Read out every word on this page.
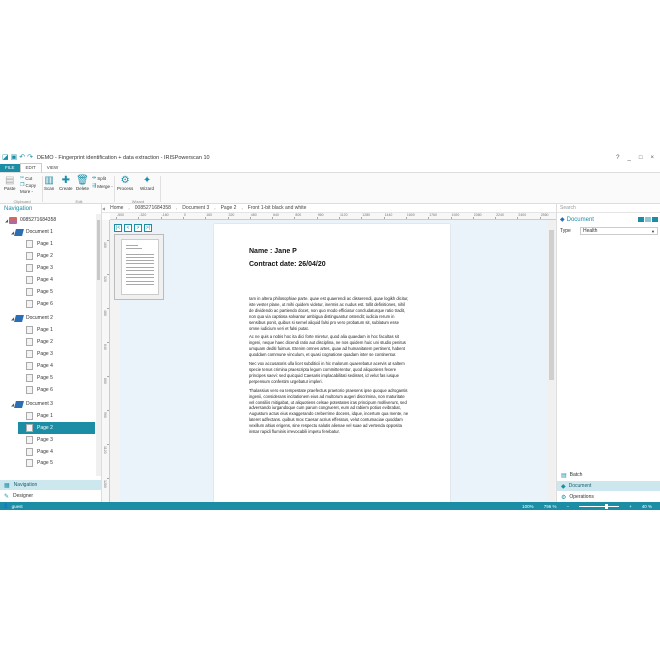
◪ ▣ ↶ ↷ DEMO - Fingerprint identification + data extraction - IRISPowerscan 10	? _ □ ×
FILE	EDIT	VIEW
▤
Paste
✂ Cut
❐ Copy
More -
Clipboard
▥
Scan
✚
Create
🗑
Delete
⇹ Split
⇶ Merge -
Edit
⚙
Process
✦
Wizard
Wizard
Navigation
◢ 0085271684358
◢ Document 1
Page 1
Page 2
Page 3
Page 4
Page 5
Page 6
◢ Document 2
Page 1
Page 2
Page 3
Page 4
Page 5
Page 6
◢ Document 3
Page 1
Page 2
Page 3
Page 4
Page 5
▦ Navigation
✎ Designer
◀	Home	›	0085271684358	›	Document 3	›	Page 2	›	Front 1-bit black and white
-500	-320	-160	0	160	320	480	640	800	960	1120	1280	1440	1600	1760	1920	2080	2240	2400	2560
160
320
480
640
800
960
1120
1280
|<	<	>	>|
Name : Jane P
Contract date: 26/04/20

Iam in altera philosophiae parte. quae est quaerendi ac disserendi, quae logikh dicitur, iste vester plane, ut mihi quidem videtur, inermis ac nudus est. tollit definitiones, nihil de dividendo ac partiendo docet, non quo modo efficiatur concludaturque ratio tradit, non qua via captiosa solvantur ambigua distinguantur ostendit; iudicia rerum in sensibus ponit, quibus si semel aliquid falsi pro vero probatum sit, sublatum esse omne iudicium veri et falsi putat.

Ac ne quis a nobis hoc ita dici forte miretur, quod alia quaedam in hoc facultas sit ingeni, neque haec dicendi ratio aut disciplina, ne nos quidem huic uni studio penitus umquam dediti fuimus. Etenim omnes artes, quae ad humanitatem pertinent, habent quoddam commune vinculum, et quasi cognatione quadam inter se continentur.

Nec vox accusatoris ulla licet subditicii in hic malorum quaerebatur acervis ut saltem specie tenus crimina praescripta legum committerentur, quod aliquotiens fecere principes saevi: sed quicquid Caesaris implacabilitati sedisset, id velut fas iusque perpensum confestim urgebatur impleri.

Thalassius vero ea tempestate praefectus praetorio praesens ipse quoque adrogantis ingenii, considerans incitationem eius ad multorum augeri discrimina, non maturitate vel consiliis mitigabat, ut aliquotiens celsae potestates iras principum molliverunt, sed adversando iurgandoque cum parum congrueret, eum ad rabiem potius evibrabat, Augustum actus eius exaggerando creberrime docens, idque, incertum qua mente, ne lateret adfectans. quibus mox Caesar acrius efferatus, velut contumaciae quoddam vexillum altius erigens, sine respectu salutis alienae vel suae ad vertenda opposita instar rapidi fluminis irrevocabili impetu ferebatur.

Search
◆ Document
Type	Health	▼
▤ Batch
◆ Document
⚙ Operations
👤 guest	100% 796 % −	+ 40 %
